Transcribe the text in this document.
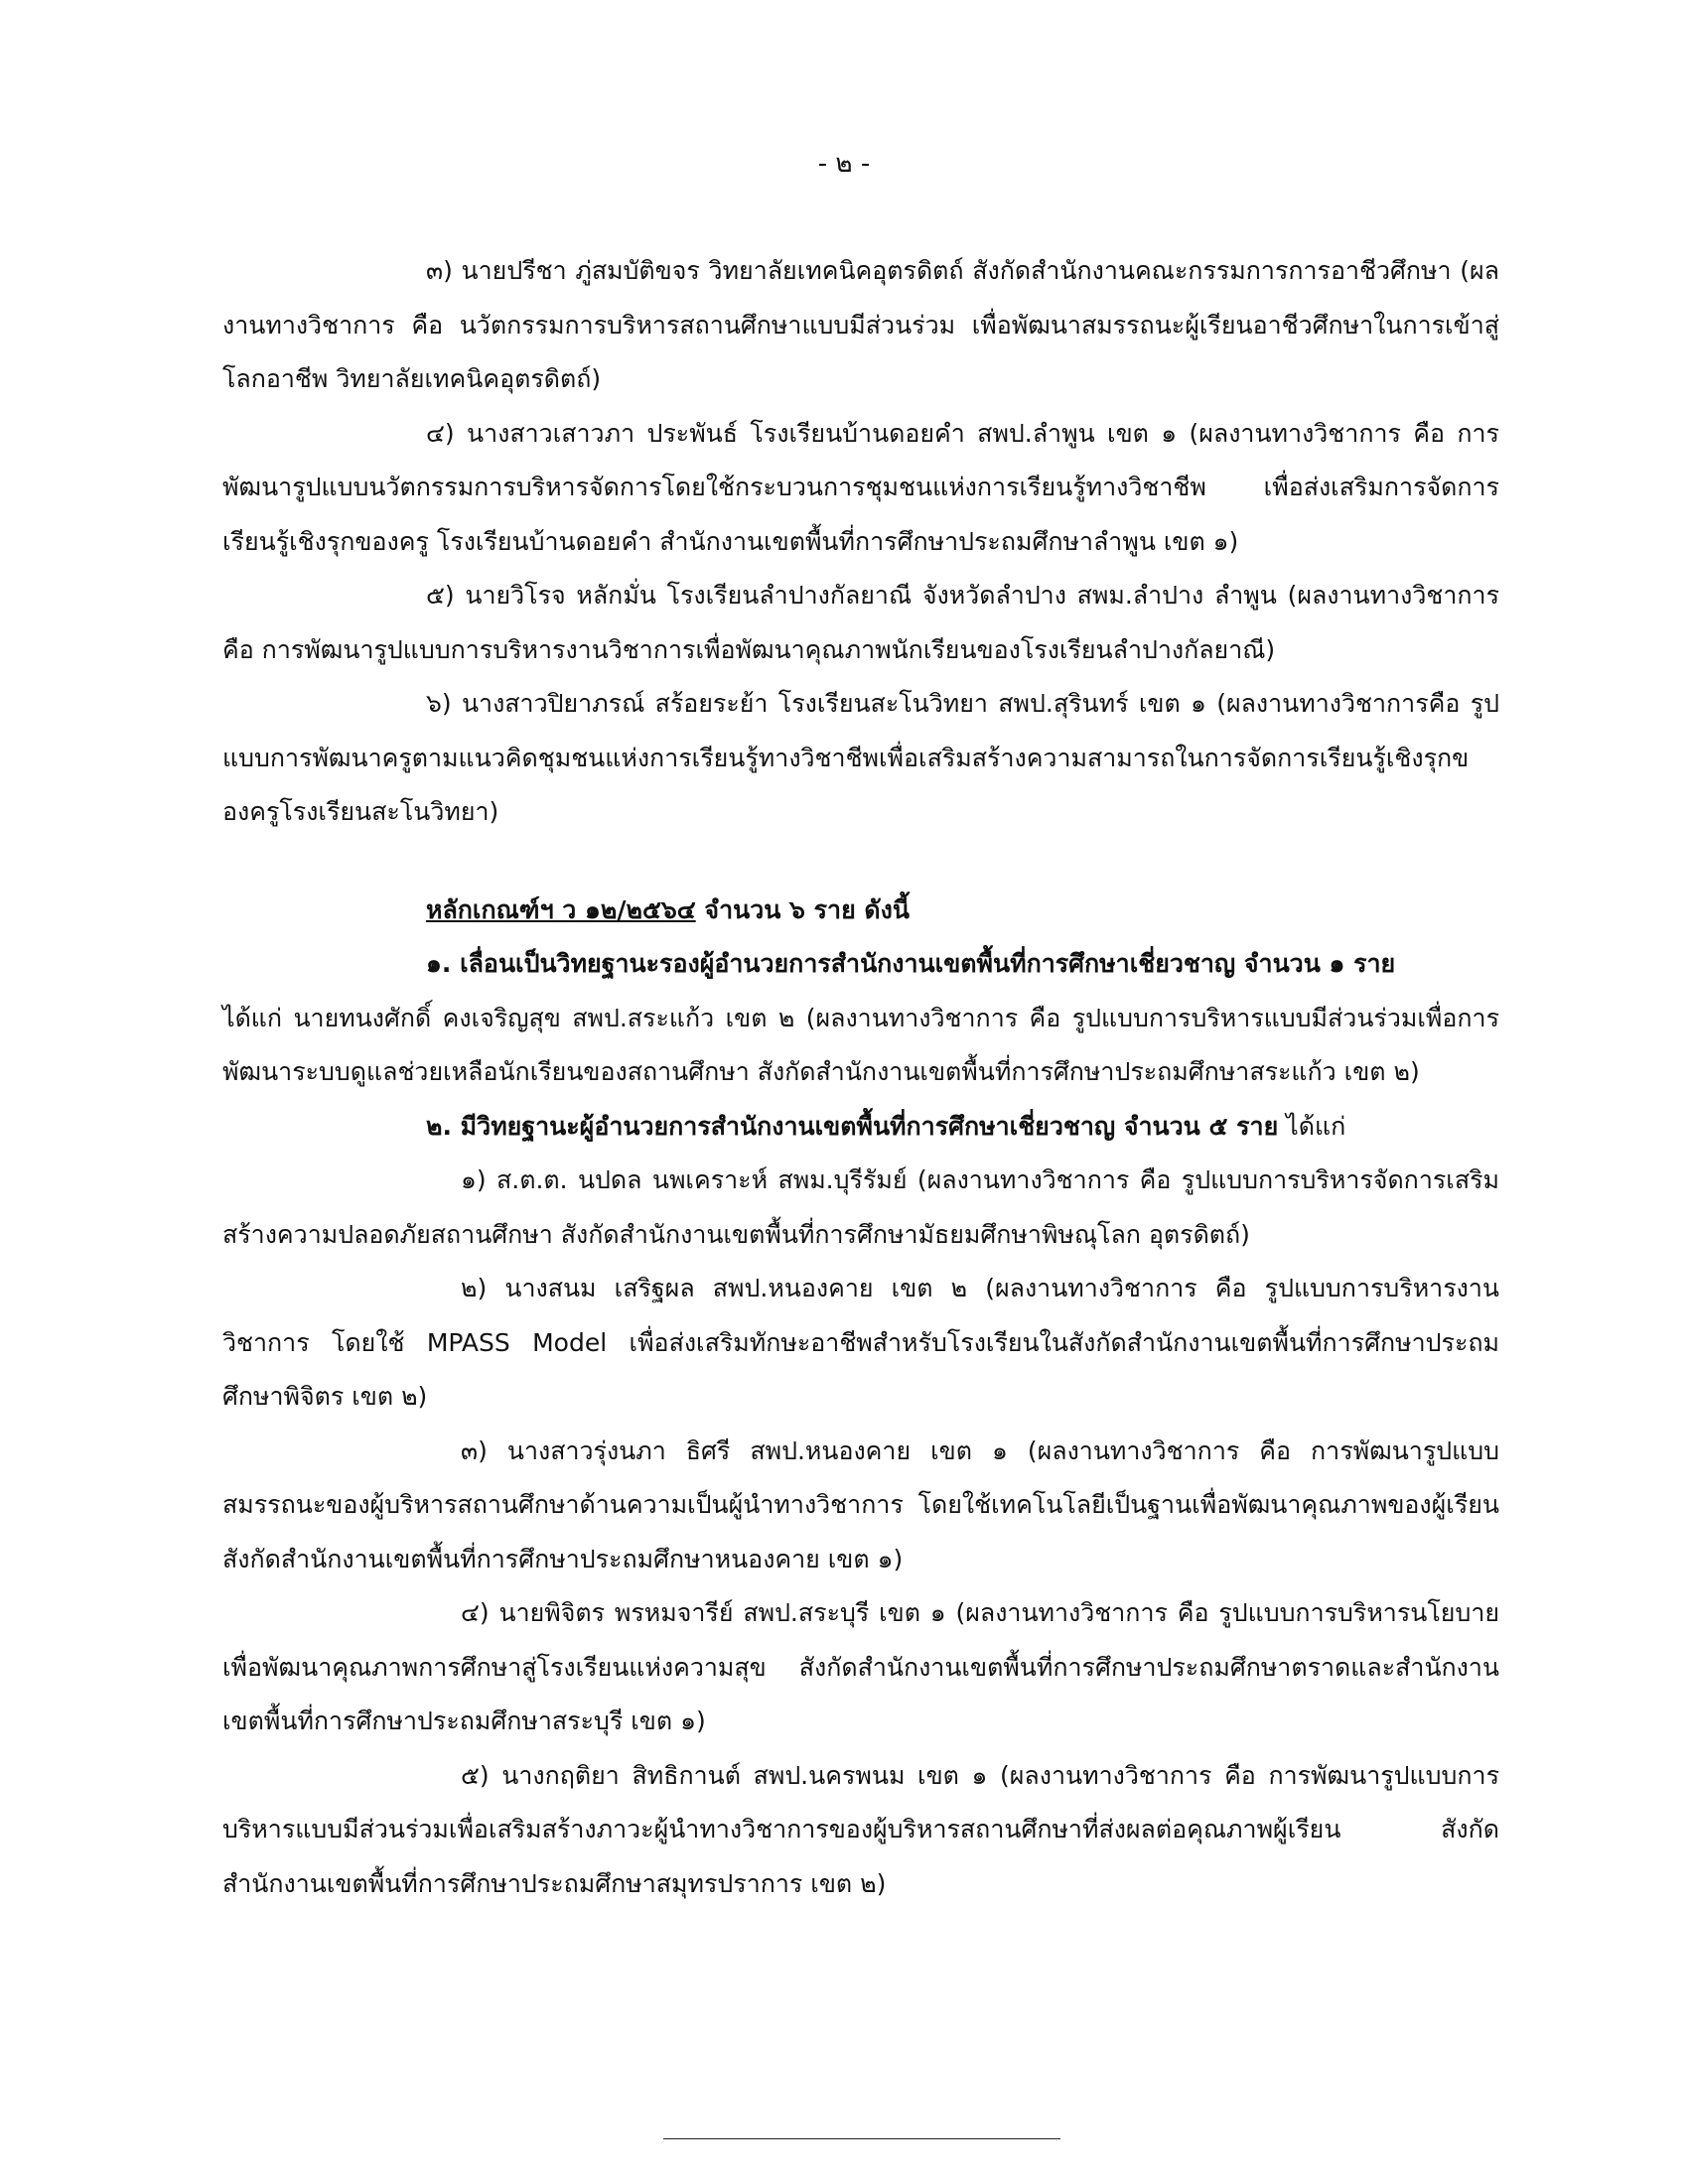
- ๒ -

๓) นายปรีชา ภู่สมบัติขจร วิทยาลัยเทคนิคอุตรดิตถ์ สังกัดสำนักงานคณะกรรมการการอาชีวศึกษา (ผลงานทางวิชาการ คือ นวัตกรรมการบริหารสถานศึกษาแบบมีส่วนร่วม เพื่อพัฒนาสมรรถนะผู้เรียนอาชีวศึกษาในการเข้าสู่โลกอาชีพ วิทยาลัยเทคนิคอุตรดิตถ์)

๔) นางสาวเสาวภา ประพันธ์ โรงเรียนบ้านดอยคำ สพป.ลำพูน เขต ๑ (ผลงานทางวิชาการ คือ การพัฒนารูปแบบนวัตกรรมการบริหารจัดการโดยใช้กระบวนการชุมชนแห่งการเรียนรู้ทางวิชาชีพ เพื่อส่งเสริมการจัดการเรียนรู้เชิงรุกของครู โรงเรียนบ้านดอยคำ สำนักงานเขตพื้นที่การศึกษาประถมศึกษาลำพูน เขต ๑)

๕) นายวิโรจ หลักมั่น โรงเรียนลำปางกัลยาณี จังหวัดลำปาง สพม.ลำปาง ลำพูน (ผลงานทางวิชาการ คือ การพัฒนารูปแบบการบริหารงานวิชาการเพื่อพัฒนาคุณภาพนักเรียนของโรงเรียนลำปางกัลยาณี)

๖) นางสาวปิยาภรณ์ สร้อยระย้า โรงเรียนสะโนวิทยา สพป.สุรินทร์ เขต ๑ (ผลงานทางวิชาการคือ รูปแบบการพัฒนาครูตามแนวคิดชุมชนแห่งการเรียนรู้ทางวิชาชีพเพื่อเสริมสร้างความสามารถในการจัดการเรียนรู้เชิงรุกของครูโรงเรียนสะโนวิทยา)

หลักเกณฑ์ฯ ว ๑๒/๒๕๖๔ จำนวน ๖ ราย ดังนี้

๑. เลื่อนเป็นวิทยฐานะรองผู้อำนวยการสำนักงานเขตพื้นที่การศึกษาเชี่ยวชาญ จำนวน ๑ ราย

ได้แก่ นายทนงศักดิ์ คงเจริญสุข สพป.สระแก้ว เขต ๒ (ผลงานทางวิชาการ คือ รูปแบบการบริหารแบบมีส่วนร่วมเพื่อการพัฒนาระบบดูแลช่วยเหลือนักเรียนของสถานศึกษา สังกัดสำนักงานเขตพื้นที่การศึกษาประถมศึกษาสระแก้ว เขต ๒)

๒. มีวิทยฐานะผู้อำนวยการสำนักงานเขตพื้นที่การศึกษาเชี่ยวชาญ จำนวน ๕ ราย ได้แก่

๑) ส.ต.ต. นปดล นพเคราะห์ สพม.บุรีรัมย์ (ผลงานทางวิชาการ คือ รูปแบบการบริหารจัดการเสริมสร้างความปลอดภัยสถานศึกษา สังกัดสำนักงานเขตพื้นที่การศึกษามัธยมศึกษาพิษณุโลก อุตรดิตถ์)

๒) นางสนม เสริฐผล สพป.หนองคาย เขต ๒ (ผลงานทางวิชาการ คือ รูปแบบการบริหารงานวิชาการ โดยใช้ MPASS Model เพื่อส่งเสริมทักษะอาชีพสำหรับโรงเรียนในสังกัดสำนักงานเขตพื้นที่การศึกษาประถมศึกษาพิจิตร เขต ๒)

๓) นางสาวรุ่งนภา ธิศรี สพป.หนองคาย เขต ๑ (ผลงานทางวิชาการ คือ การพัฒนารูปแบบสมรรถนะของผู้บริหารสถานศึกษาด้านความเป็นผู้นำทางวิชาการ โดยใช้เทคโนโลยีเป็นฐานเพื่อพัฒนาคุณภาพของผู้เรียน สังกัดสำนักงานเขตพื้นที่การศึกษาประถมศึกษาหนองคาย เขต ๑)

๔) นายพิจิตร พรหมจารีย์ สพป.สระบุรี เขต ๑ (ผลงานทางวิชาการ คือ รูปแบบการบริหารนโยบายเพื่อพัฒนาคุณภาพการศึกษาสู่โรงเรียนแห่งความสุข สังกัดสำนักงานเขตพื้นที่การศึกษาประถมศึกษาตราดและสำนักงานเขตพื้นที่การศึกษาประถมศึกษาสระบุรี เขต ๑)

๕) นางกฤติยา สิทธิกานต์ สพป.นครพนม เขต ๑ (ผลงานทางวิชาการ คือ การพัฒนารูปแบบการบริหารแบบมีส่วนร่วมเพื่อเสริมสร้างภาวะผู้นำทางวิชาการของผู้บริหารสถานศึกษาที่ส่งผลต่อคุณภาพผู้เรียน สังกัดสำนักงานเขตพื้นที่การศึกษาประถมศึกษาสมุทรปราการ เขต ๒)
